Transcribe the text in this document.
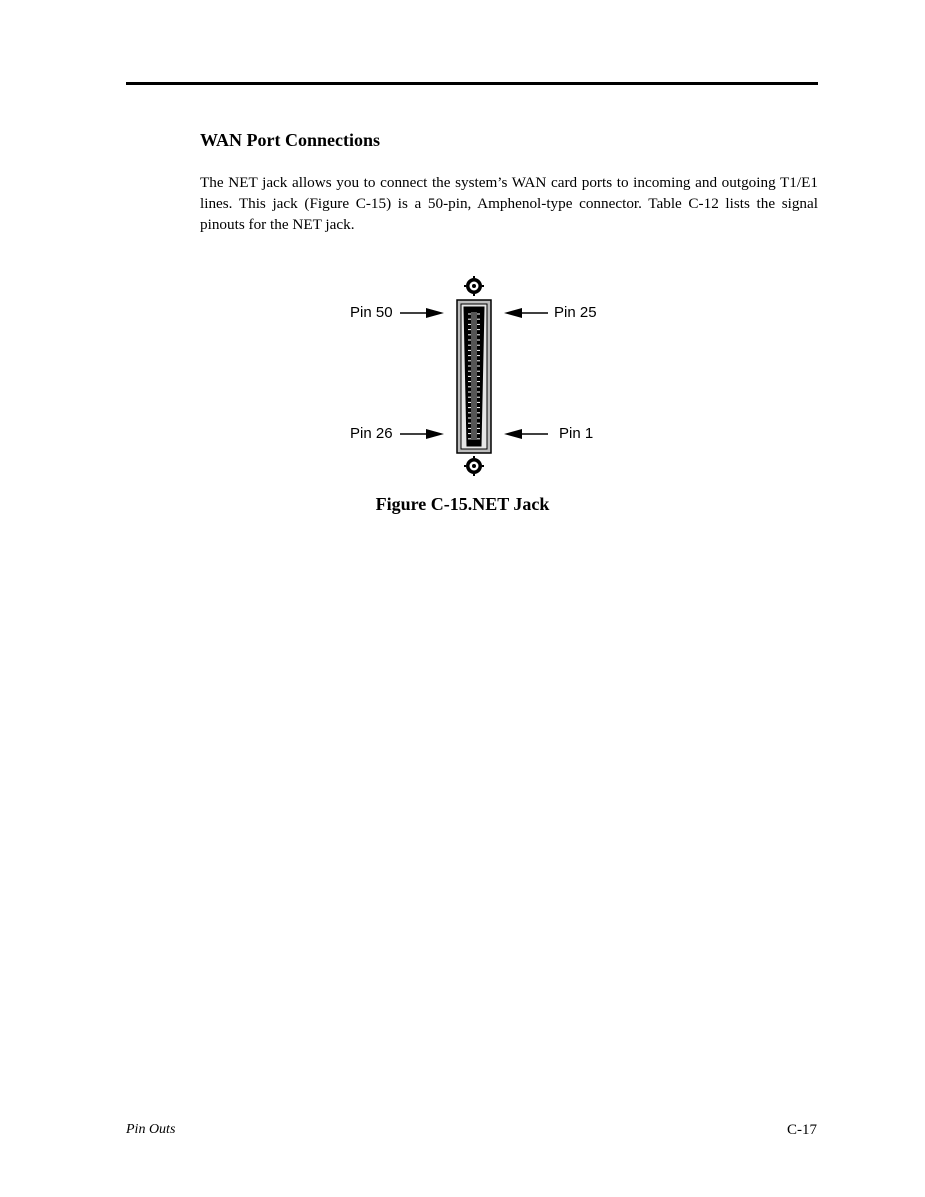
WAN Port Connections

The NET jack allows you to connect the system’s WAN card ports to incoming and outgoing T1/E1 lines. This jack (Figure C-15) is a 50-pin, Amphenol-type connector. Table C-12 lists the signal pinouts for the NET jack.

Pin 50	Pin 25
Pin 26	Pin 1
Figure C-15.NET Jack
Pin Outs	C-17
